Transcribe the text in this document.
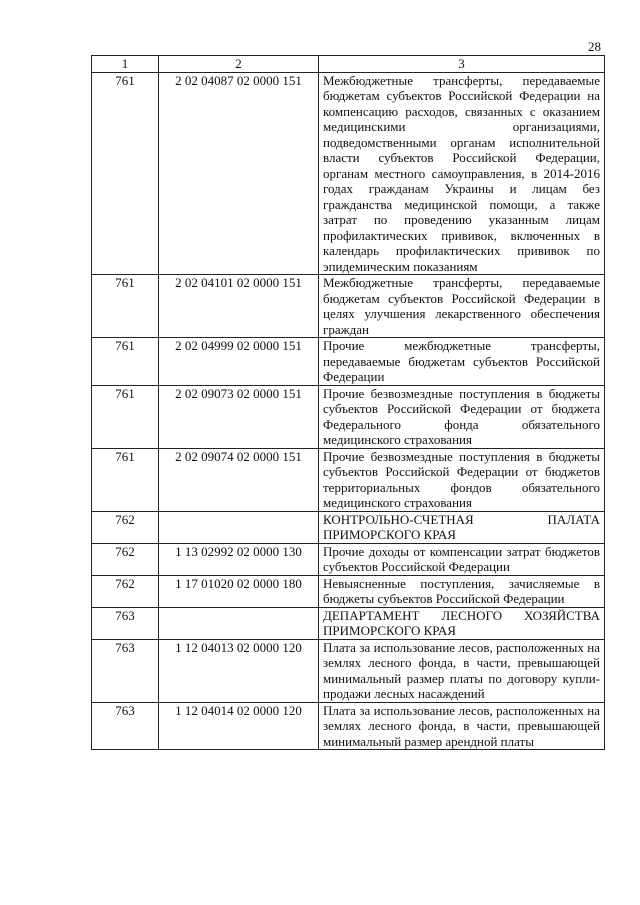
28
1	2	3
761	2 02 04087 02 0000 151	Межбюджетные трансферты, передаваемые бюджетам субъектов Российской Федерации на компенсацию расходов, связанных с оказанием медицинскими организациями, подведомственными органам исполнительной власти субъектов Российской Федерации, органам местного самоуправления, в 2014-2016 годах гражданам Украины и лицам без гражданства медицинской помощи, а также затрат по проведению указанным лицам профилактических прививок, включенных в календарь профилактических прививок по эпидемическим показаниям
761	2 02 04101 02 0000 151	Межбюджетные трансферты, передаваемые бюджетам субъектов Российской Федерации в целях улучшения лекарственного обеспечения граждан
761	2 02 04999 02 0000 151	Прочие межбюджетные трансферты, передаваемые бюджетам субъектов Российской Федерации
761	2 02 09073 02 0000 151	Прочие безвозмездные поступления в бюджеты субъектов Российской Федерации от бюджета Федерального фонда обязательного медицинского страхования
761	2 02 09074 02 0000 151	Прочие безвозмездные поступления в бюджеты субъектов Российской Федерации от бюджетов территориальных фондов обязательного медицинского страхования
762		КОНТРОЛЬНО-СЧЕТНАЯ ПАЛАТА ПРИМОРСКОГО КРАЯ
762	1 13 02992 02 0000 130	Прочие доходы от компенсации затрат бюджетов субъектов Российской Федерации
762	1 17 01020 02 0000 180	Невыясненные поступления, зачисляемые в бюджеты субъектов Российской Федерации
763		ДЕПАРТАМЕНТ ЛЕСНОГО ХОЗЯЙСТВА ПРИМОРСКОГО КРАЯ
763	1 12 04013 02 0000 120	Плата за использование лесов, расположенных на землях лесного фонда, в части, превышающей минимальный размер платы по договору купли-продажи лесных насаждений
763	1 12 04014 02 0000 120	Плата за использование лесов, расположенных на землях лесного фонда, в части, превышающей минимальный размер арендной платы
